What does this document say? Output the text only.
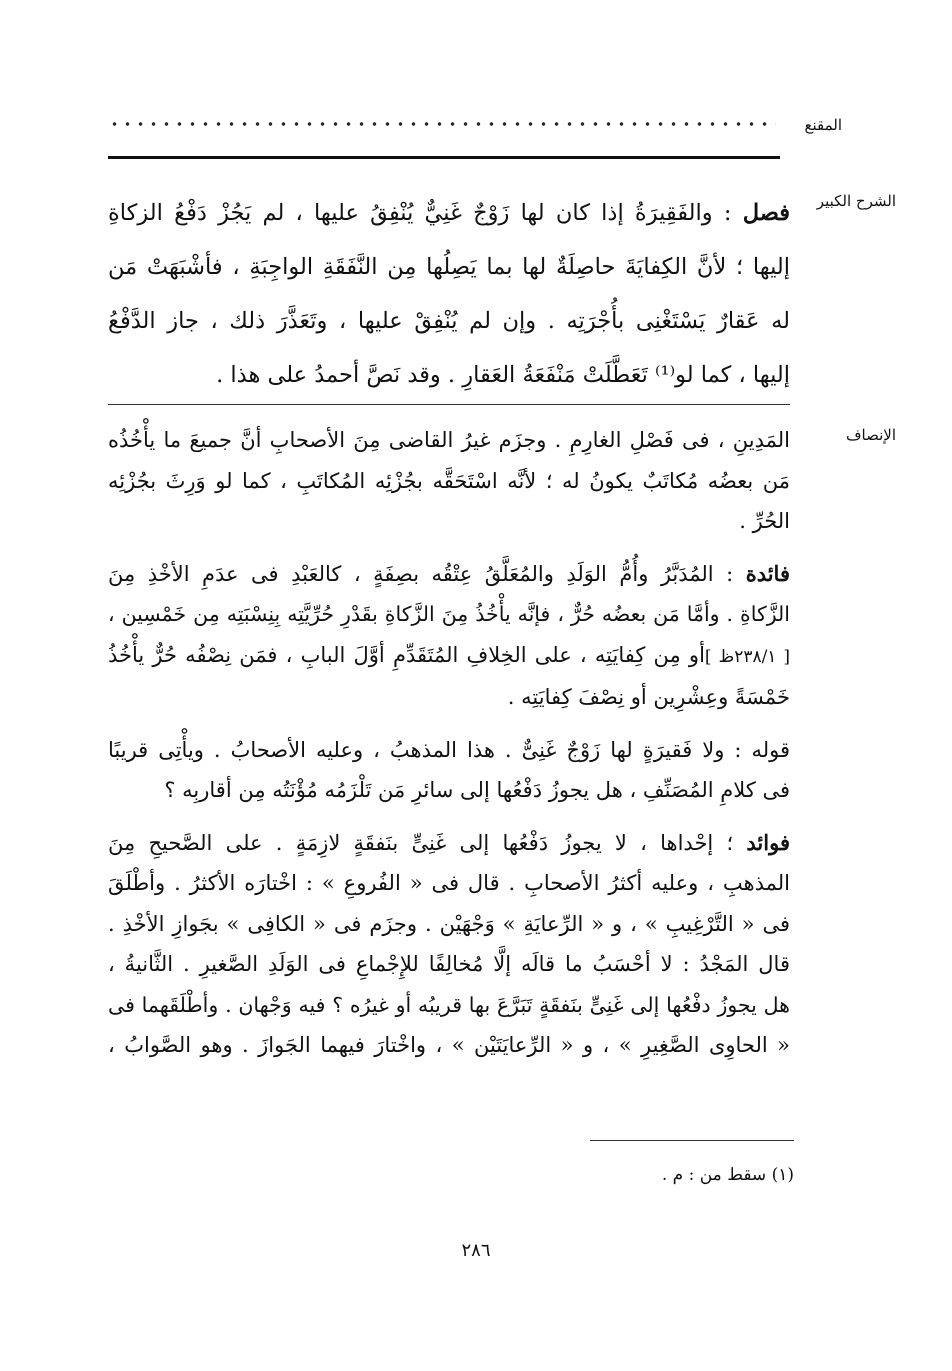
المقنع
الشرح الكبير
الإنصاف
فصل : والفَقِيرَةُ إذا كان لها زَوْجٌ غَنِيٌّ يُنْفِقُ عليها ، لم يَجُزْ دَفْعُ الزكاةِ
إليها ؛ لأنَّ الكِفايَةَ حاصِلَةٌ لها بما يَصِلُها مِن النَّفَقَةِ الواجِبَةِ ، فأشْبَهَتْ مَن
له عَقارٌ يَسْتَغْنِى بأُجْرَتِه . وإن لم يُنْفِقْ عليها ، وتَعَذَّرَ ذلك ، جاز الدَّفْعُ
إليها ، كما لو⁽¹⁾ تَعَطَّلَتْ مَنْفَعَةُ العَقارِ . وقد نَصَّ أحمدُ على هذا .
المَدِينِ ، فى فَصْلِ الغارِمِ . وجزَم غيرُ القاضى مِنَ الأصحابِ أنَّ جميعَ ما يأْخُذُه
مَن بعضُه مُكاتَبٌ يكونُ له ؛ لأنَّه اسْتَحَقَّه بجُزْئِه المُكاتَبِ ، كما لو وَرِثَ بجُزْئِه
الحُرِّ .
فائدة : المُدَبَّرُ وأُمُّ الوَلَدِ والمُعَلَّقُ عِتْقُه بصِفَةٍ ، كالعَبْدِ فى عدَمِ الأخْذِ مِنَ
الزَّكاةِ . وأمَّا مَن بعضُه حُرٌّ ، فإنَّه يأْخُذُ مِنَ الزَّكاةِ بقَدْرِ حُرِّيَّتِه بِنِسْبَتِه مِن خَمْسِين ،
[ ٢٣٨/١ظ ]أو مِن كِفايَتِه ، على الخِلافِ المُتَقَدِّمِ أوَّلَ البابِ ، فمَن نِصْفُه حُرٌّ يأْخُذُ
خَمْسَةً وعِشْرِين أو نِصْفَ كِفايَتِه .
قوله : ولا فَقيرَةٍ لها زَوْجٌ غَنِىٌّ . هذا المذهبُ ، وعليه الأصحابُ . ويأْتِى قريبًا
فى كلامِ المُصَنِّفِ ، هل يجوزُ دَفْعُها إلى سائرِ مَن تَلْزَمُه مُؤْنَتُه مِن أقاربِه ؟
فوائد ؛ إحْداها ، لا يجوزُ دَفْعُها إلى غَنِىٍّ بنَفقَةٍ لازِمَةٍ . على الصَّحيحِ مِنَ
المذهبِ ، وعليه أكثرُ الأصحابِ . قال فى « الفُروعِ » : اخْتارَه الأكثرُ . وأطْلَقَ
فى « التَّرْغِيبِ » ، و « الرِّعايَةِ » وَجْهَيْن . وجزَم فى « الكافِى » بجَوازِ الأخْذِ .
قال المَجْدُ : لا أحْسَبُ ما قالَه إلَّا مُخالِفًا للإِجْماعِ فى الوَلَدِ الصَّغيرِ . الثَّانيةُ ،
هل يجوزُ دفْعُها إلى غَنِىٍّ بنَفقَةٍ تَبَرَّعَ بها قريبُه أو غيرُه ؟ فيه وَجْهان . وأطْلَقَهما فى
« الحاوِى الصَّغِيرِ » ، و « الرِّعايَتَيْن » ، واخْتارَ فيهما الجَوازَ . وهو الصَّوابُ ،
(١) سقط من : م .
٢٨٦
